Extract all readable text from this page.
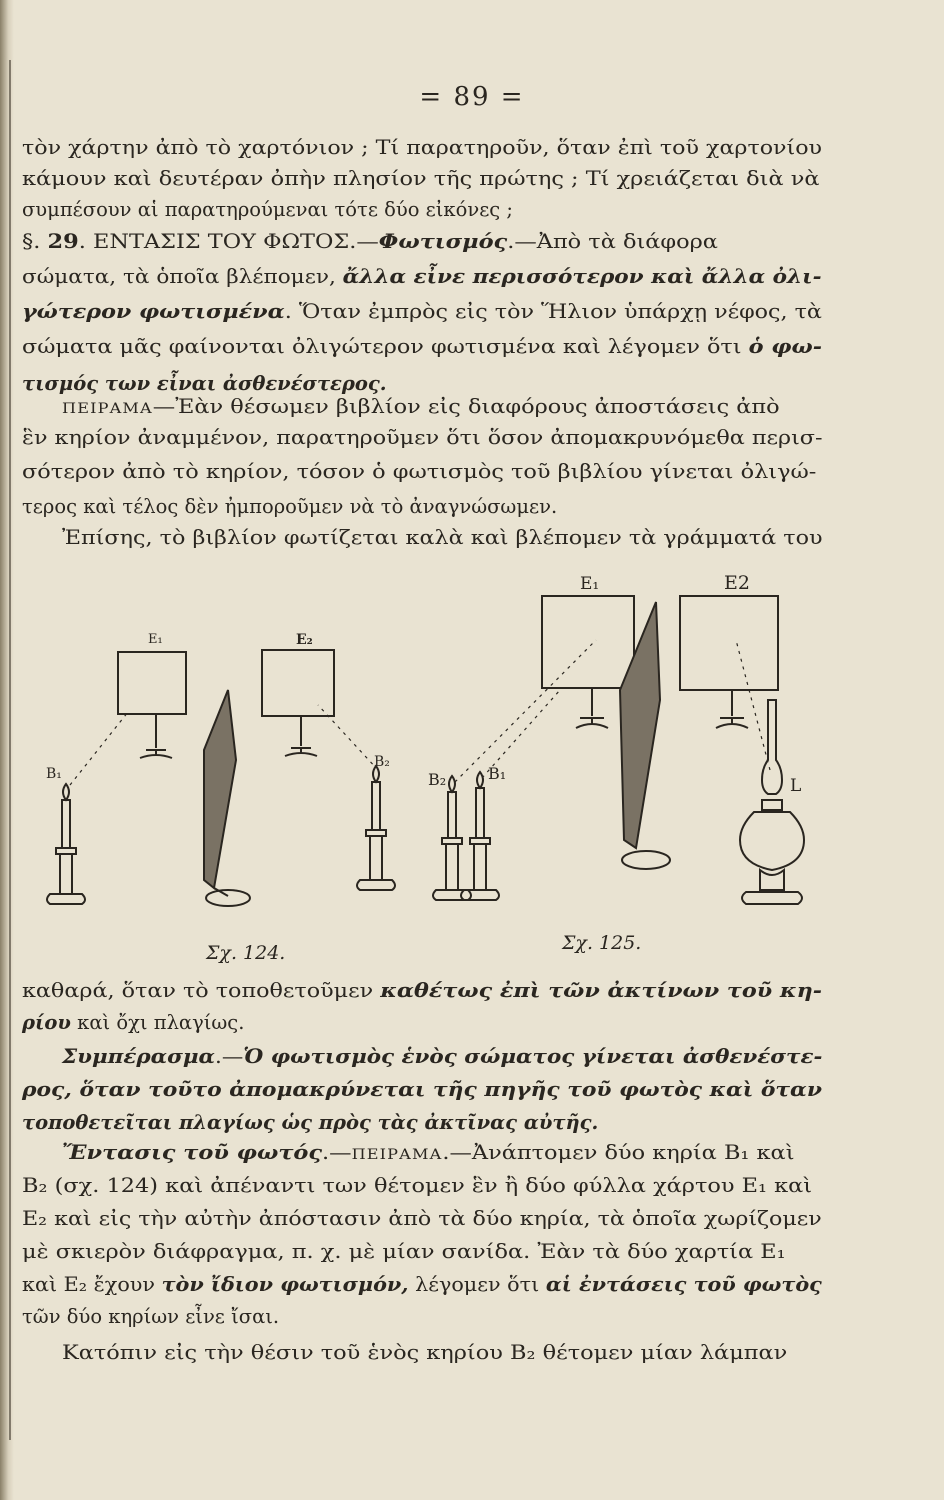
= 89 =
τὸν χάρτην ἀπὸ τὸ χαρτόνιον ; Τί παρατηροῦν, ὅταν ἐπὶ τοῦ χαρτονίου
κάμουν καὶ δευτέραν ὀπὴν πλησίον τῆς πρώτης ; Τί χρειάζεται διὰ νὰ
συμπέσουν αἱ παρατηρούμεναι τότε δύο εἰκόνες ;
§. 29. ΕΝΤΑΣΙΣ ΤΟΥ ΦΩΤΟΣ.—Φωτισμός.—Ἀπὸ τὰ διάφορα
σώματα, τὰ ὁποῖα βλέπομεν, ἄλλα εἶνε περισσότερον καὶ ἄλλα ὀλι-
γώτερον φωτισμένα. Ὅταν ἐμπρὸς εἰς τὸν Ἥλιον ὑπάρχῃ νέφος, τὰ
σώματα μᾶς φαίνονται ὀλιγώτερον φωτισμένα καὶ λέγομεν ὅτι ὁ φω-
τισμός των εἶναι ἀσθενέστερος.
ΠΕΙΡΑΜΑ—Ἐὰν θέσωμεν βιβλίον εἰς διαφόρους ἀποστάσεις ἀπὸ
ἓν κηρίον ἀναμμένον, παρατηροῦμεν ὅτι ὅσον ἀπομακρυνόμεθα περισ-
σότερον ἀπὸ τὸ κηρίον, τόσον ὁ φωτισμὸς τοῦ βιβλίου γίνεται ὀλιγώ-
τερος καὶ τέλος δὲν ἠμποροῦμεν νὰ τὸ ἀναγνώσωμεν.
Ἐπίσης, τὸ βιβλίον φωτίζεται καλὰ καὶ βλέπομεν τὰ γράμματά του
καθαρά, ὅταν τὸ τοποθετοῦμεν καθέτως ἐπὶ τῶν ἀκτίνων τοῦ κη-
ρίου καὶ ὄχι πλαγίως.
Συμπέρασμα.—Ὁ φωτισμὸς ἑνὸς σώματος γίνεται ἀσθενέστε-
ρος, ὅταν τοῦτο ἀπομακρύνεται τῆς πηγῆς τοῦ φωτὸς καὶ ὅταν
τοποθετεῖται πλαγίως ὡς πρὸς τὰς ἀκτῖνας αὐτῆς.
Ἔντασις τοῦ φωτός.—ΠΕΙΡΑΜΑ.—Ἀνάπτομεν δύο κηρία Β₁ καὶ
Β₂ (σχ. 124) καὶ ἀπέναντι των θέτομεν ἓν ἢ δύο φύλλα χάρτου Ε₁ καὶ
Ε₂ καὶ εἰς τὴν αὐτὴν ἀπόστασιν ἀπὸ τὰ δύο κηρία, τὰ ὁποῖα χωρίζομεν
μὲ σκιερὸν διάφραγμα, π. χ. μὲ μίαν σανίδα. Ἐὰν τὰ δύο χαρτία Ε₁
καὶ Ε₂ ἔχουν τὸν ἴδιον φωτισμόν, λέγομεν ὅτι αἱ ἐντάσεις τοῦ φωτὸς
τῶν δύο κηρίων εἶνε ἴσαι.
Κατόπιν εἰς τὴν θέσιν τοῦ ἑνὸς κηρίου Β₂ θέτομεν μίαν λάμπαν
Ε₁	Ε₂
Β₁
Β₂
Ε₁	Ε2
Β₂	Β₁
L
Σχ. 124.	Σχ. 125.
